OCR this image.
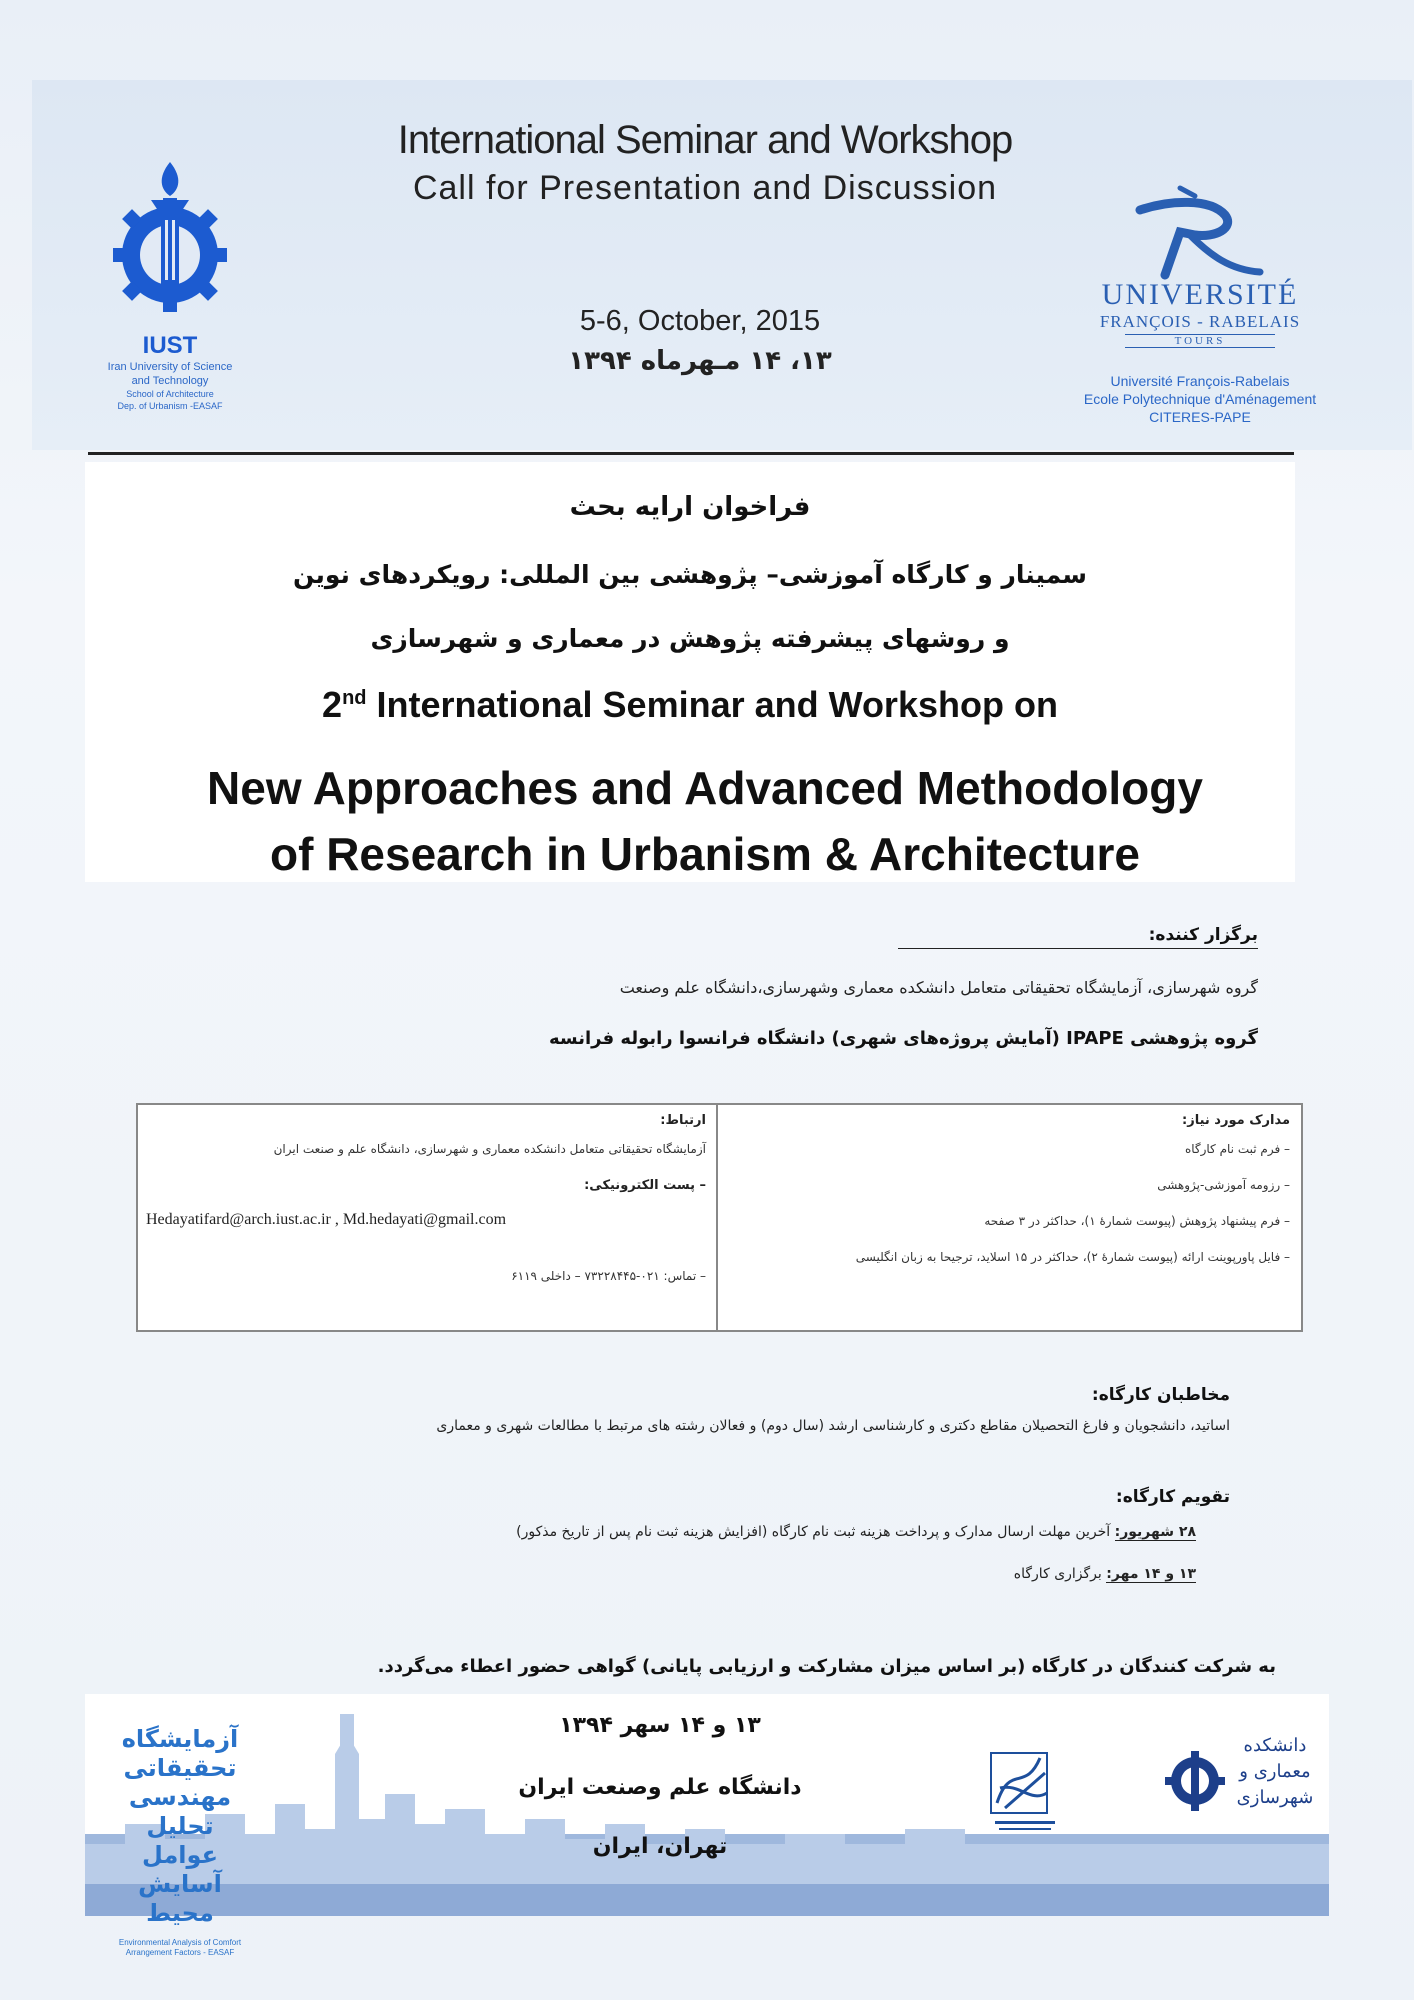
IUST
Iran University of Science
and Technology
School of Architecture
Dep. of Urbanism -EASAF
International Seminar and Workshop
Call for Presentation and Discussion
5-6, October, 2015
۱۳، ۱۴ مـهرماه ۱۳۹۴
UNIVERSITÉ
FRANÇOIS - RABELAIS
TOURS
Université François-Rabelais
Ecole Polytechnique d'Aménagement
CITERES-PAPE
فراخوان ارایه بحث
سمینار و کارگاه آموزشی– پژوهشی بین المللی: رویکردهای نوین
و روشهای پیشرفته پژوهش در معماری و شهرسازی
2nd International Seminar and Workshop on
New Approaches and Advanced Methodology
of Research in Urbanism & Architecture
برگزار کننده:
گروه شهرسازی، آزمایشگاه تحقیقاتی متعامل دانشکده معماری وشهرسازی،دانشگاه علم وصنعت
گروه پژوهشی IPAPE (آمایش پروژه‌های شهری) دانشگاه فرانسوا رابوله فرانسه
مدارک مورد نیاز:
– فرم ثبت نام کارگاه
– رزومه آموزشی-پژوهشی
– فرم پیشنهاد پژوهش (پیوست شمارهٔ ۱)، حداکثر در ۳ صفحه
– فایل پاورپوینت ارائه (پیوست شمارهٔ ۲)، حداکثر در ۱۵ اسلاید، ترجیحا به زبان انگلیسی
ارتباط:
آزمایشگاه تحقیقاتی متعامل دانشکده معماری و شهرسازی، دانشگاه علم و صنعت ایران
– پست الکترونیکی:
Hedayatifard@arch.iust.ac.ir , Md.hedayati@gmail.com
– تماس: ۰۲۱-۷۳۲۲۸۴۴۵ – داخلی ۶۱۱۹
مخاطبان کارگاه:
اساتید، دانشجویان و فارغ التحصیلان مقاطع دکتری و کارشناسی ارشد (سال دوم) و فعالان رشته های مرتبط با مطالعات شهری و معماری
تقویم کارگاه:
۲۸ شهریور: آخرین مهلت ارسال مدارک و پرداخت هزینه ثبت نام کارگاه (افزایش هزینه ثبت نام پس از تاریخ مذکور)
۱۳ و ۱۴ مهر: برگزاری کارگاه
به شرکت کنندگان در کارگاه (بر اساس میزان مشارکت و ارزیابی پایانی) گواهی حضور اعطاء می‌گردد.
آزمایشگاه تحقیقاتی
مهندسی تحلیل
عوامل آسایش
محیط
Environmental Analysis of Comfort Arrangement Factors - EASAF
۱۳ و ۱۴ سهر ۱۳۹۴
دانشگاه علم وصنعت ایران
تهران، ایران
دانشکده معماری و شهرسازی
